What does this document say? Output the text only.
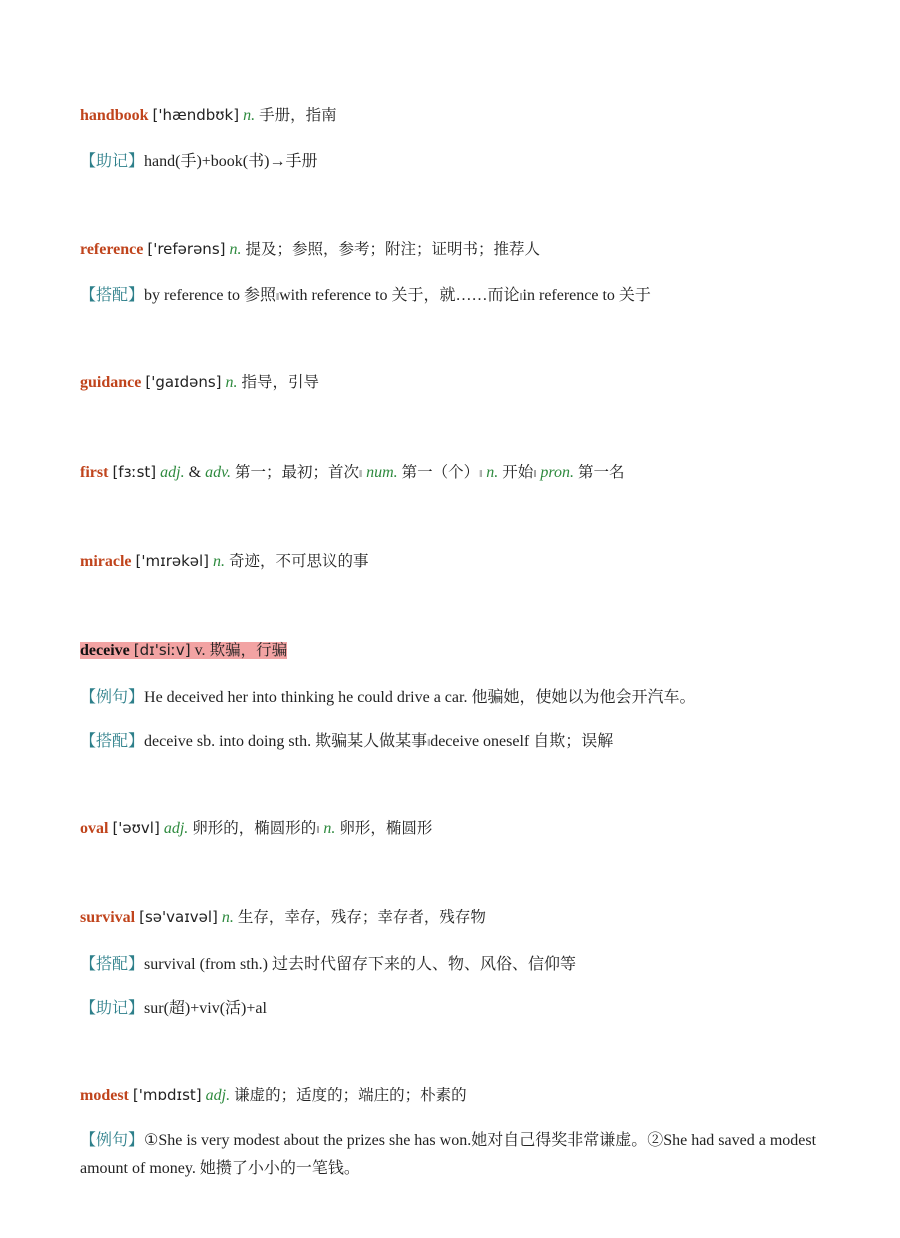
handbook ['hændbʊk] n. 手册，指南
【助记】hand(手)+book(书)→手册
reference ['refərəns] n. 提及；参照，参考；附注；证明书；推荐人
【搭配】by reference to 参照‖with reference to 关于，就……而论‖in reference to 关于
guidance ['gaɪdəns] n. 指导，引导
first [fɜːst] adj. & adv. 第一；最初；首次‖ num. 第一（个）‖ n. 开始‖ pron. 第一名
miracle ['mɪrəkəl] n. 奇迹，不可思议的事
deceive [dɪ'siːv] v. 欺骗，行骗
【例句】He deceived her into thinking he could drive a car. 他骗她，使她以为他会开汽车。
【搭配】deceive sb. into doing sth. 欺骗某人做某事‖deceive oneself 自欺；误解
oval ['əʊvl] adj. 卵形的，椭圆形的‖ n. 卵形，椭圆形
survival [sə'vaɪvəl] n. 生存，幸存，残存；幸存者，残存物
【搭配】survival (from sth.) 过去时代留存下来的人、物、风俗、信仰等
【助记】sur(超)+viv(活)+al
modest ['mɒdɪst] adj. 谦虚的；适度的；端庄的；朴素的
【例句】①She is very modest about the prizes she has won.她对自己得奖非常谦虚。②She had saved a modest amount of money. 她攒了小小的一笔钱。
